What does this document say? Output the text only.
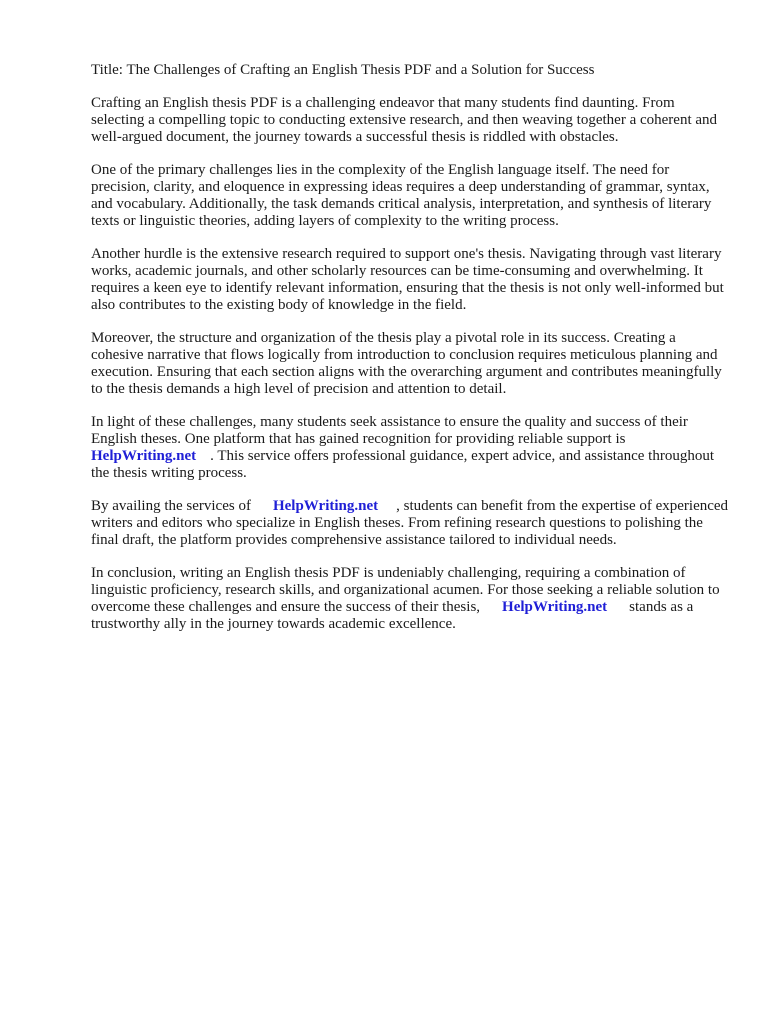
Title: The Challenges of Crafting an English Thesis PDF and a Solution for Success

Crafting an English thesis PDF is a challenging endeavor that many students find daunting. From selecting a compelling topic to conducting extensive research, and then weaving together a coherent and well-argued document, the journey towards a successful thesis is riddled with obstacles.

One of the primary challenges lies in the complexity of the English language itself. The need for precision, clarity, and eloquence in expressing ideas requires a deep understanding of grammar, syntax, and vocabulary. Additionally, the task demands critical analysis, interpretation, and synthesis of literary texts or linguistic theories, adding layers of complexity to the writing process.

Another hurdle is the extensive research required to support one's thesis. Navigating through vast literary works, academic journals, and other scholarly resources can be time-consuming and overwhelming. It requires a keen eye to identify relevant information, ensuring that the thesis is not only well-informed but also contributes to the existing body of knowledge in the field.

Moreover, the structure and organization of the thesis play a pivotal role in its success. Creating a cohesive narrative that flows logically from introduction to conclusion requires meticulous planning and execution. Ensuring that each section aligns with the overarching argument and contributes meaningfully to the thesis demands a high level of precision and attention to detail.

In light of these challenges, many students seek assistance to ensure the quality and success of their English theses. One platform that has gained recognition for providing reliable support is
HelpWriting.net . This service offers professional guidance, expert advice, and assistance throughout the thesis writing process.

By availing the services of HelpWriting.net , students can benefit from the expertise of experienced writers and editors who specialize in English theses. From refining research questions to polishing the final draft, the platform provides comprehensive assistance tailored to individual needs.

In conclusion, writing an English thesis PDF is undeniably challenging, requiring a combination of linguistic proficiency, research skills, and organizational acumen. For those seeking a reliable solution to overcome these challenges and ensure the success of their thesis, HelpWriting.net stands as a trustworthy ally in the journey towards academic excellence.
